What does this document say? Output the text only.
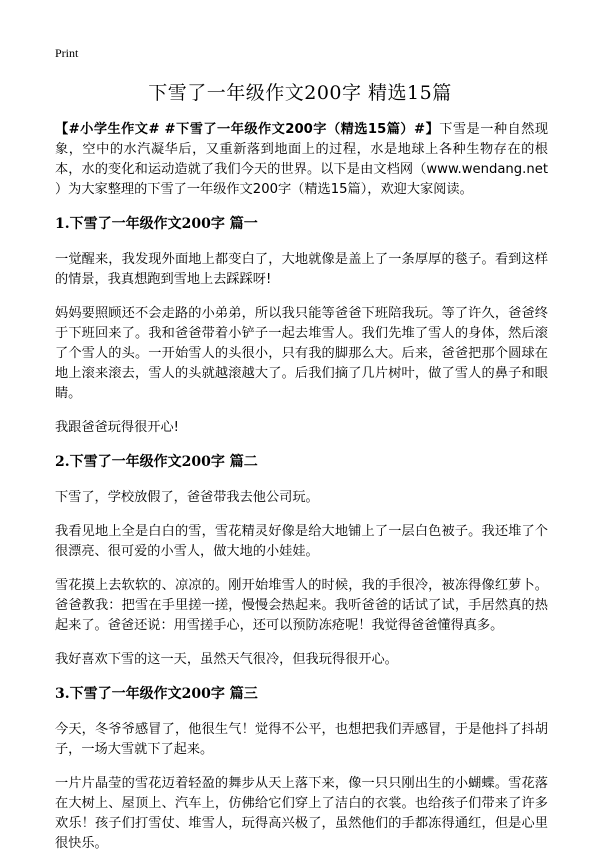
Print
下雪了一年级作文200字 精选15篇

【#小学生作文# #下雪了一年级作文200字（精选15篇）#】下雪是一种自然现象，空中的水汽凝华后，又重新落到地面上的过程，水是地球上各种生物存在的根本，水的变化和运动造就了我们今天的世界。以下是由文档网（www.wendang.net ）为大家整理的下雪了一年级作文200字（精选15篇），欢迎大家阅读。

1.下雪了一年级作文200字 篇一

一觉醒来，我发现外面地上都变白了，大地就像是盖上了一条厚厚的毯子。看到这样的情景，我真想跑到雪地上去踩踩呀!

妈妈要照顾还不会走路的小弟弟，所以我只能等爸爸下班陪我玩。等了许久，爸爸终于下班回来了。我和爸爸带着小铲子一起去堆雪人。我们先堆了雪人的身体，然后滚了个雪人的头。一开始雪人的头很小，只有我的脚那么大。后来，爸爸把那个圆球在地上滚来滚去，雪人的头就越滚越大了。后我们摘了几片树叶，做了雪人的鼻子和眼睛。

我跟爸爸玩得很开心!

2.下雪了一年级作文200字 篇二

下雪了，学校放假了，爸爸带我去他公司玩。

我看见地上全是白白的雪，雪花精灵好像是给大地铺上了一层白色被子。我还堆了个很漂亮、很可爱的小雪人，做大地的小娃娃。

雪花摸上去软软的、凉凉的。刚开始堆雪人的时候，我的手很冷，被冻得像红萝卜。爸爸教我：把雪在手里搓一搓，慢慢会热起来。我听爸爸的话试了试，手居然真的热起来了。爸爸还说：用雪搓手心，还可以预防冻疮呢！我觉得爸爸懂得真多。

我好喜欢下雪的这一天，虽然天气很冷，但我玩得很开心。

3.下雪了一年级作文200字 篇三

今天，冬爷爷感冒了，他很生气！觉得不公平，也想把我们弄感冒，于是他抖了抖胡子，一场大雪就下了起来。

一片片晶莹的雪花迈着轻盈的舞步从天上落下来，像一只只刚出生的小蝴蝶。雪花落在大树上、屋顶上、汽车上，仿佛给它们穿上了洁白的衣裳。也给孩子们带来了许多欢乐！孩子们打雪仗、堆雪人，玩得高兴极了，虽然他们的手都冻得通红，但是心里很快乐。
